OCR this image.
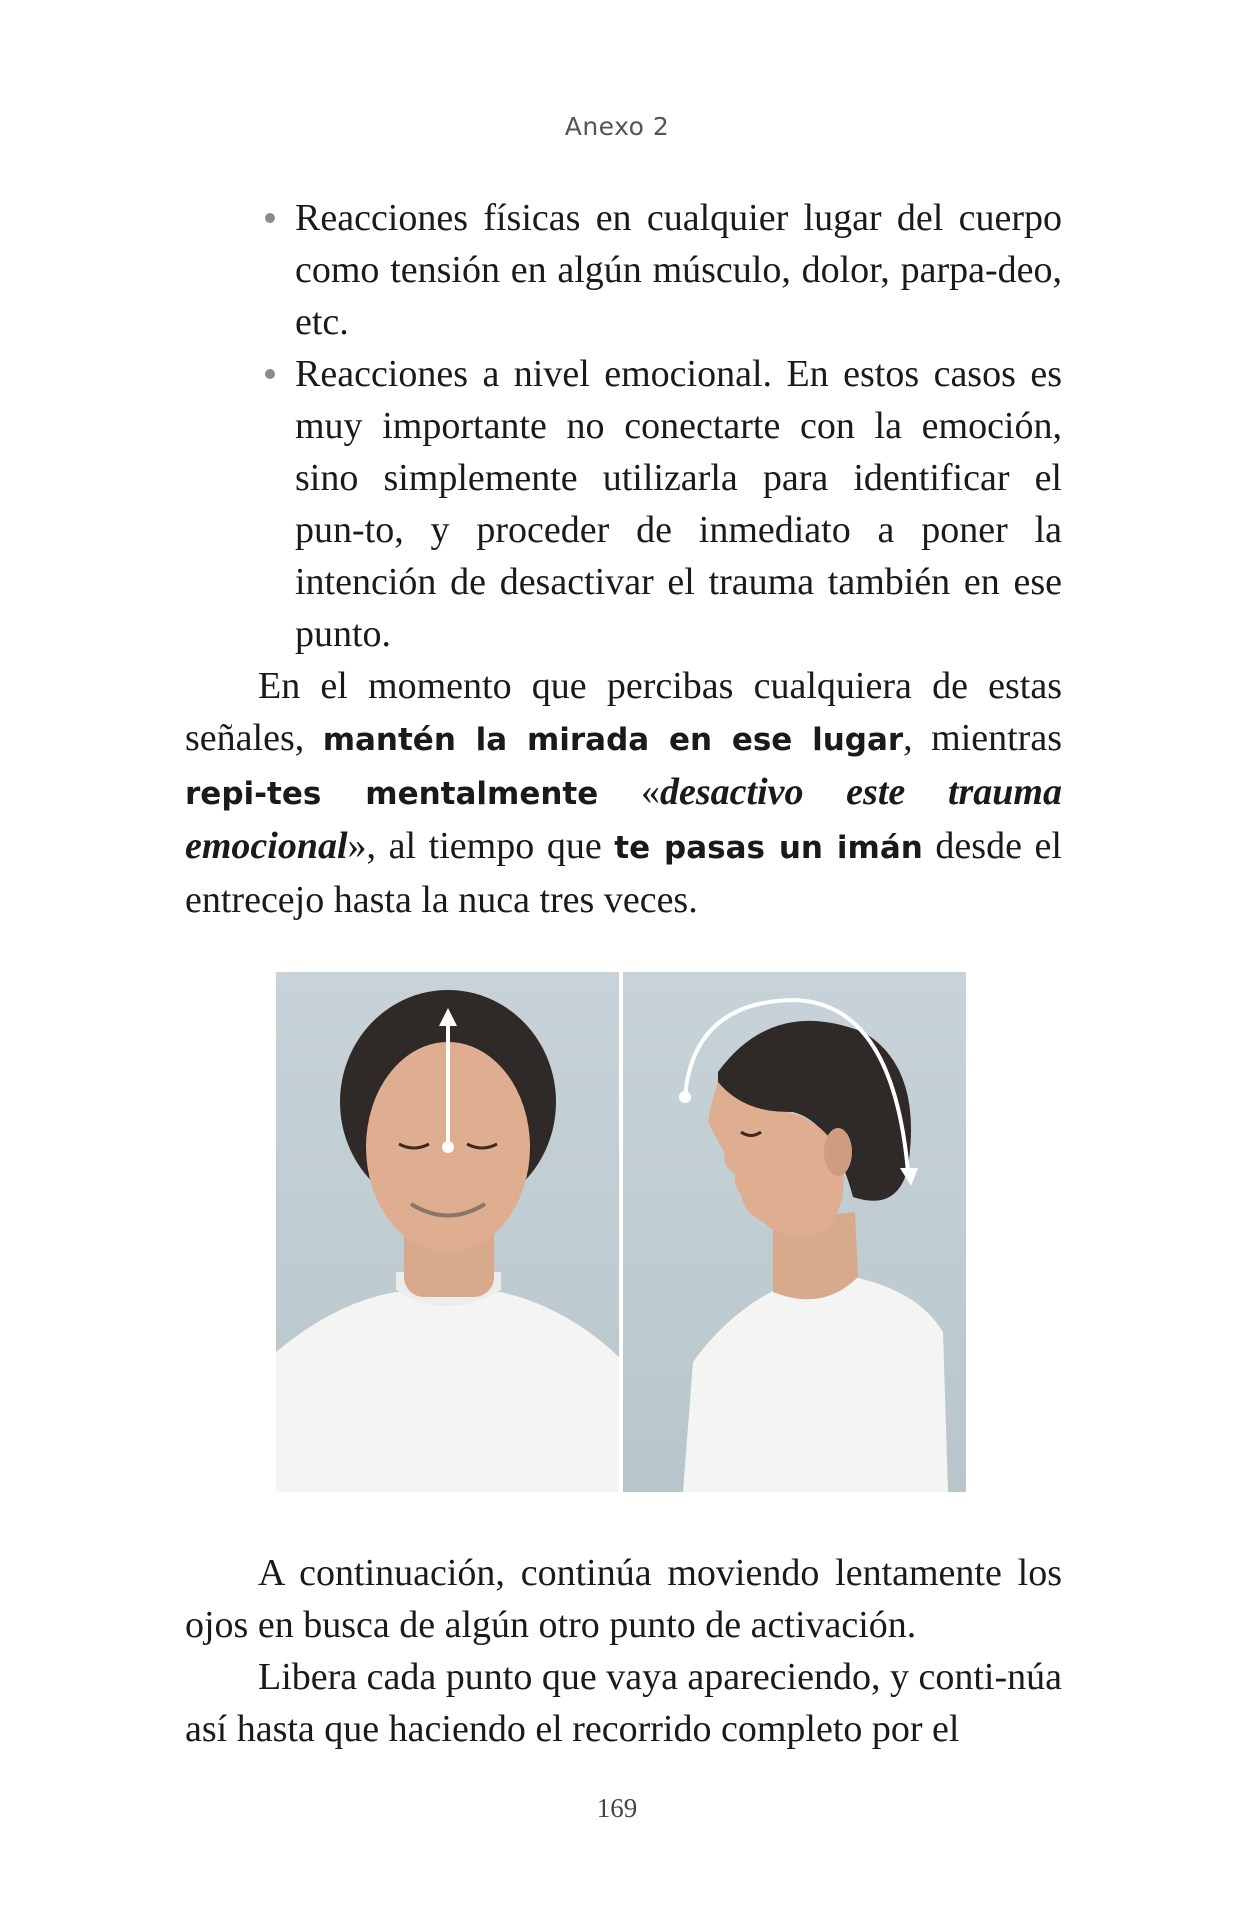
Anexo 2
Reacciones físicas en cualquier lugar del cuerpo como tensión en algún músculo, dolor, parpa-deo, etc.
Reacciones a nivel emocional. En estos casos es muy importante no conectarte con la emoción, sino simplemente utilizarla para identificar el pun-to, y proceder de inmediato a poner la intención de desactivar el trauma también en ese punto.

En el momento que percibas cualquiera de estas señales, mantén la mirada en ese lugar, mientras repi-tes mentalmente «desactivo este trauma emocional», al tiempo que te pasas un imán desde el entrecejo hasta la nuca tres veces.

A continuación, continúa moviendo lentamente los ojos en busca de algún otro punto de activación.

Libera cada punto que vaya apareciendo, y conti-núa así hasta que haciendo el recorrido completo por el

169
